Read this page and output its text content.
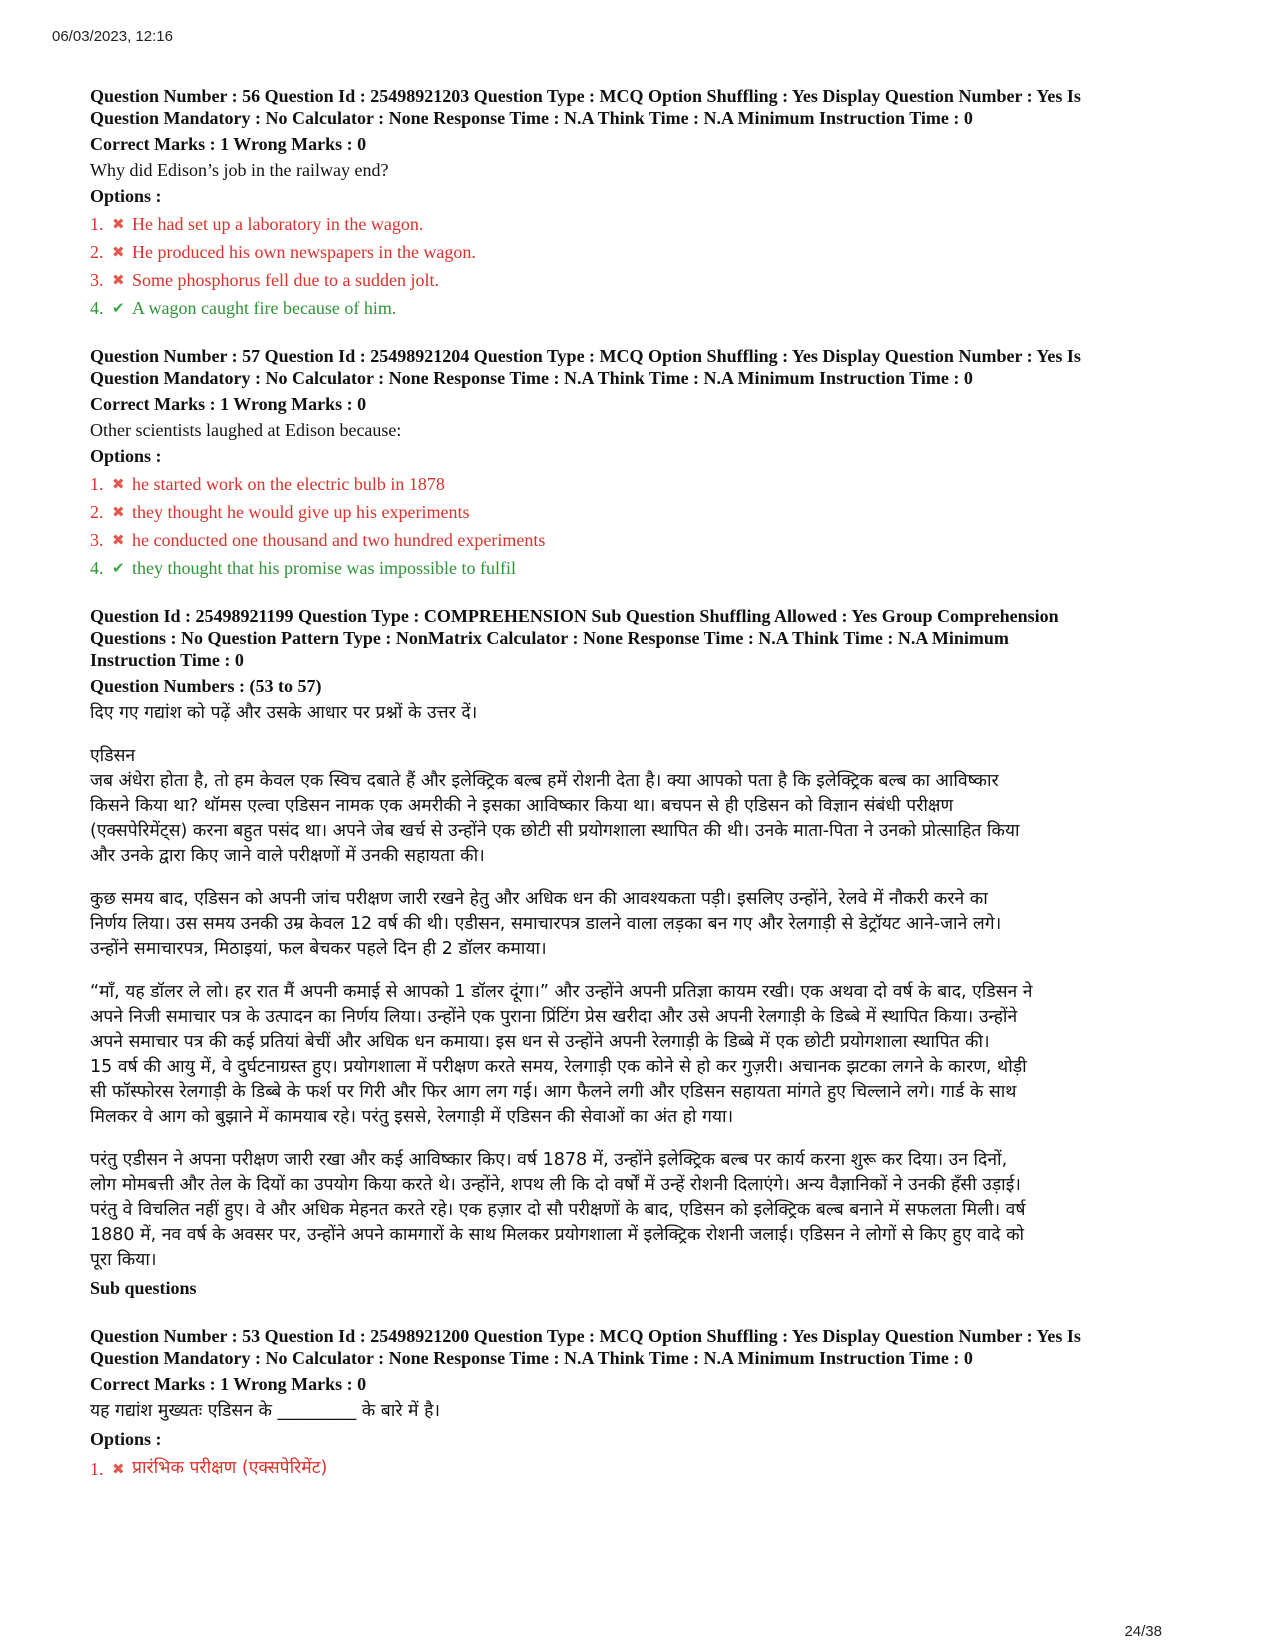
06/03/2023, 12:16

Question Number : 56 Question Id : 25498921203 Question Type : MCQ Option Shuffling : Yes Display Question Number : Yes Is

Question Mandatory : No Calculator : None Response Time : N.A Think Time : N.A Minimum Instruction Time : 0

Correct Marks : 1 Wrong Marks : 0

Why did Edison’s job in the railway end?

Options :

1. ✖ He had set up a laboratory in the wagon.
2. ✖ He produced his own newspapers in the wagon.
3. ✖ Some phosphorus fell due to a sudden jolt.
4. ✔ A wagon caught fire because of him.

Question Number : 57 Question Id : 25498921204 Question Type : MCQ Option Shuffling : Yes Display Question Number : Yes Is

Question Mandatory : No Calculator : None Response Time : N.A Think Time : N.A Minimum Instruction Time : 0

Correct Marks : 1 Wrong Marks : 0

Other scientists laughed at Edison because:

Options :

1. ✖ he started work on the electric bulb in 1878
2. ✖ they thought he would give up his experiments
3. ✖ he conducted one thousand and two hundred experiments
4. ✔ they thought that his promise was impossible to fulfil

Question Id : 25498921199 Question Type : COMPREHENSION Sub Question Shuffling Allowed : Yes Group Comprehension

Questions : No Question Pattern Type : NonMatrix Calculator : None Response Time : N.A Think Time : N.A Minimum

Instruction Time : 0

Question Numbers : (53 to 57)

दिए गए गद्यांश को पढ़ें और उसके आधार पर प्रश्नों के उत्तर दें।

एडिसन

जब अंधेरा होता है, तो हम केवल एक स्विच दबाते हैं और इलेक्ट्रिक बल्ब हमें रोशनी देता है। क्या आपको पता है कि इलेक्ट्रिक बल्ब का आविष्कार

किसने किया था? थॉमस एल्वा एडिसन नामक एक अमरीकी ने इसका आविष्कार किया था। बचपन से ही एडिसन को विज्ञान संबंधी परीक्षण

(एक्सपेरिमेंट्स) करना बहुत पसंद था। अपने जेब खर्च से उन्होंने एक छोटी सी प्रयोगशाला स्थापित की थी। उनके माता-पिता ने उनको प्रोत्साहित किया

और उनके द्वारा किए जाने वाले परीक्षणों में उनकी सहायता की।

कुछ समय बाद, एडिसन को अपनी जांच परीक्षण जारी रखने हेतु और अधिक धन की आवश्यकता पड़ी। इसलिए उन्होंने, रेलवे में नौकरी करने का

निर्णय लिया। उस समय उनकी उम्र केवल 12 वर्ष की थी। एडीसन, समाचारपत्र डालने वाला लड़का बन गए और रेलगाड़ी से डेट्रॉयट आने-जाने लगे।

उन्होंने समाचारपत्र, मिठाइयां, फल बेचकर पहले दिन ही 2 डॉलर कमाया।

“माँ, यह डॉलर ले लो। हर रात मैं अपनी कमाई से आपको 1 डॉलर दूंगा।” और उन्होंने अपनी प्रतिज्ञा कायम रखी। एक अथवा दो वर्ष के बाद, एडिसन ने

अपने निजी समाचार पत्र के उत्पादन का निर्णय लिया। उन्होंने एक पुराना प्रिंटिंग प्रेस खरीदा और उसे अपनी रेलगाड़ी के डिब्बे में स्थापित किया। उन्होंने

अपने समाचार पत्र की कई प्रतियां बेचीं और अधिक धन कमाया। इस धन से उन्होंने अपनी रेलगाड़ी के डिब्बे में एक छोटी प्रयोगशाला स्थापित की।

15 वर्ष की आयु में, वे दुर्घटनाग्रस्त हुए। प्रयोगशाला में परीक्षण करते समय, रेलगाड़ी एक कोने से हो कर गुज़री। अचानक झटका लगने के कारण, थोड़ी

सी फॉस्फोरस रेलगाड़ी के डिब्बे के फर्श पर गिरी और फिर आग लग गई। आग फैलने लगी और एडिसन सहायता मांगते हुए चिल्लाने लगे। गार्ड के साथ

मिलकर वे आग को बुझाने में कामयाब रहे। परंतु इससे, रेलगाड़ी में एडिसन की सेवाओं का अंत हो गया।

परंतु एडीसन ने अपना परीक्षण जारी रखा और कई आविष्कार किए। वर्ष 1878 में, उन्होंने इलेक्ट्रिक बल्ब पर कार्य करना शुरू कर दिया। उन दिनों,

लोग मोमबत्ती और तेल के दियों का उपयोग किया करते थे। उन्होंने, शपथ ली कि दो वर्षों में उन्हें रोशनी दिलाएंगे। अन्य वैज्ञानिकों ने उनकी हँसी उड़ाई।

परंतु वे विचलित नहीं हुए। वे और अधिक मेहनत करते रहे। एक हज़ार दो सौ परीक्षणों के बाद, एडिसन को इलेक्ट्रिक बल्ब बनाने में सफलता मिली। वर्ष

1880 में, नव वर्ष के अवसर पर, उन्होंने अपने कामगारों के साथ मिलकर प्रयोगशाला में इलेक्ट्रिक रोशनी जलाई। एडिसन ने लोगों से किए हुए वादे को

पूरा किया।

Sub questions

Question Number : 53 Question Id : 25498921200 Question Type : MCQ Option Shuffling : Yes Display Question Number : Yes Is

Question Mandatory : No Calculator : None Response Time : N.A Think Time : N.A Minimum Instruction Time : 0

Correct Marks : 1 Wrong Marks : 0

यह गद्यांश मुख्यतः एडिसन के _________ के बारे में है।

Options :

1. ✖ प्रारंभिक परीक्षण (एक्सपेरिमेंट)
24/38
